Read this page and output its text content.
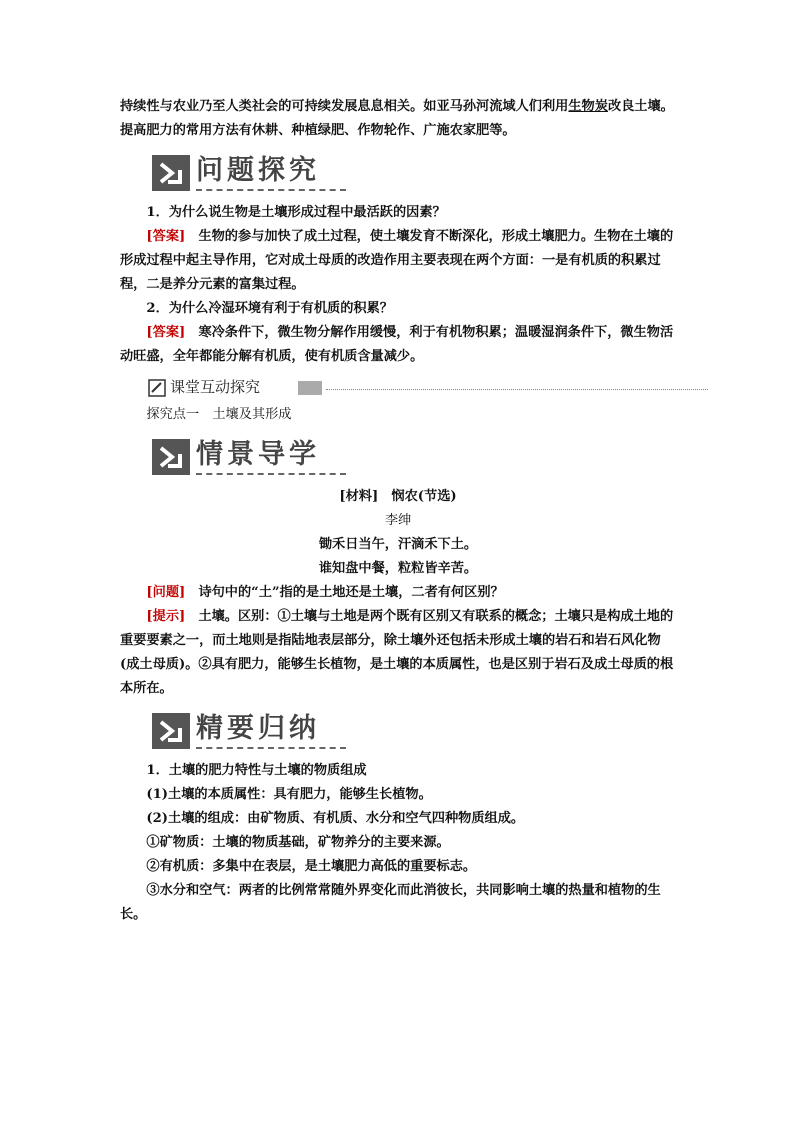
持续性与农业乃至人类社会的可持续发展息息相关。如亚马孙河流域人们利用生物炭改良土壤。提高肥力的常用方法有休耕、种植绿肥、作物轮作、广施农家肥等。

问题探究

1．为什么说生物是土壤形成过程中最活跃的因素？

[答案]　 生物的参与加快了成土过程，使土壤发育不断深化，形成土壤肥力。生物在土壤的形成过程中起主导作用，它对成土母质的改造作用主要表现在两个方面：一是有机质的积累过程，二是养分元素的富集过程。

2．为什么冷湿环境有利于有机质的积累？

[答案]　 寒冷条件下，微生物分解作用缓慢，利于有机物积累；温暖湿润条件下，微生物活动旺盛，全年都能分解有机质，使有机质含量减少。

课堂互动探究

探究点一　土壤及其形成

情景导学

[材料]　悯农(节选)

李绅

锄禾日当午，汗滴禾下土。

谁知盘中餐，粒粒皆辛苦。

[问题]　 诗句中的“土”指的是土地还是土壤，二者有何区别？

[提示]　 土壤。区别：①土壤与土地是两个既有区别又有联系的概念；土壤只是构成土地的重要要素之一，而土地则是指陆地表层部分，除土壤外还包括未形成土壤的岩石和岩石风化物(成土母质)。②具有肥力，能够生长植物，是土壤的本质属性，也是区别于岩石及成土母质的根本所在。

精要归纳

1．土壤的肥力特性与土壤的物质组成

(1)土壤的本质属性：具有肥力，能够生长植物。

(2)土壤的组成：由矿物质、有机质、水分和空气四种物质组成。

①矿物质：土壤的物质基础，矿物养分的主要来源。

②有机质：多集中在表层，是土壤肥力高低的重要标志。

③水分和空气：两者的比例常常随外界变化而此消彼长，共同影响土壤的热量和植物的生长。
